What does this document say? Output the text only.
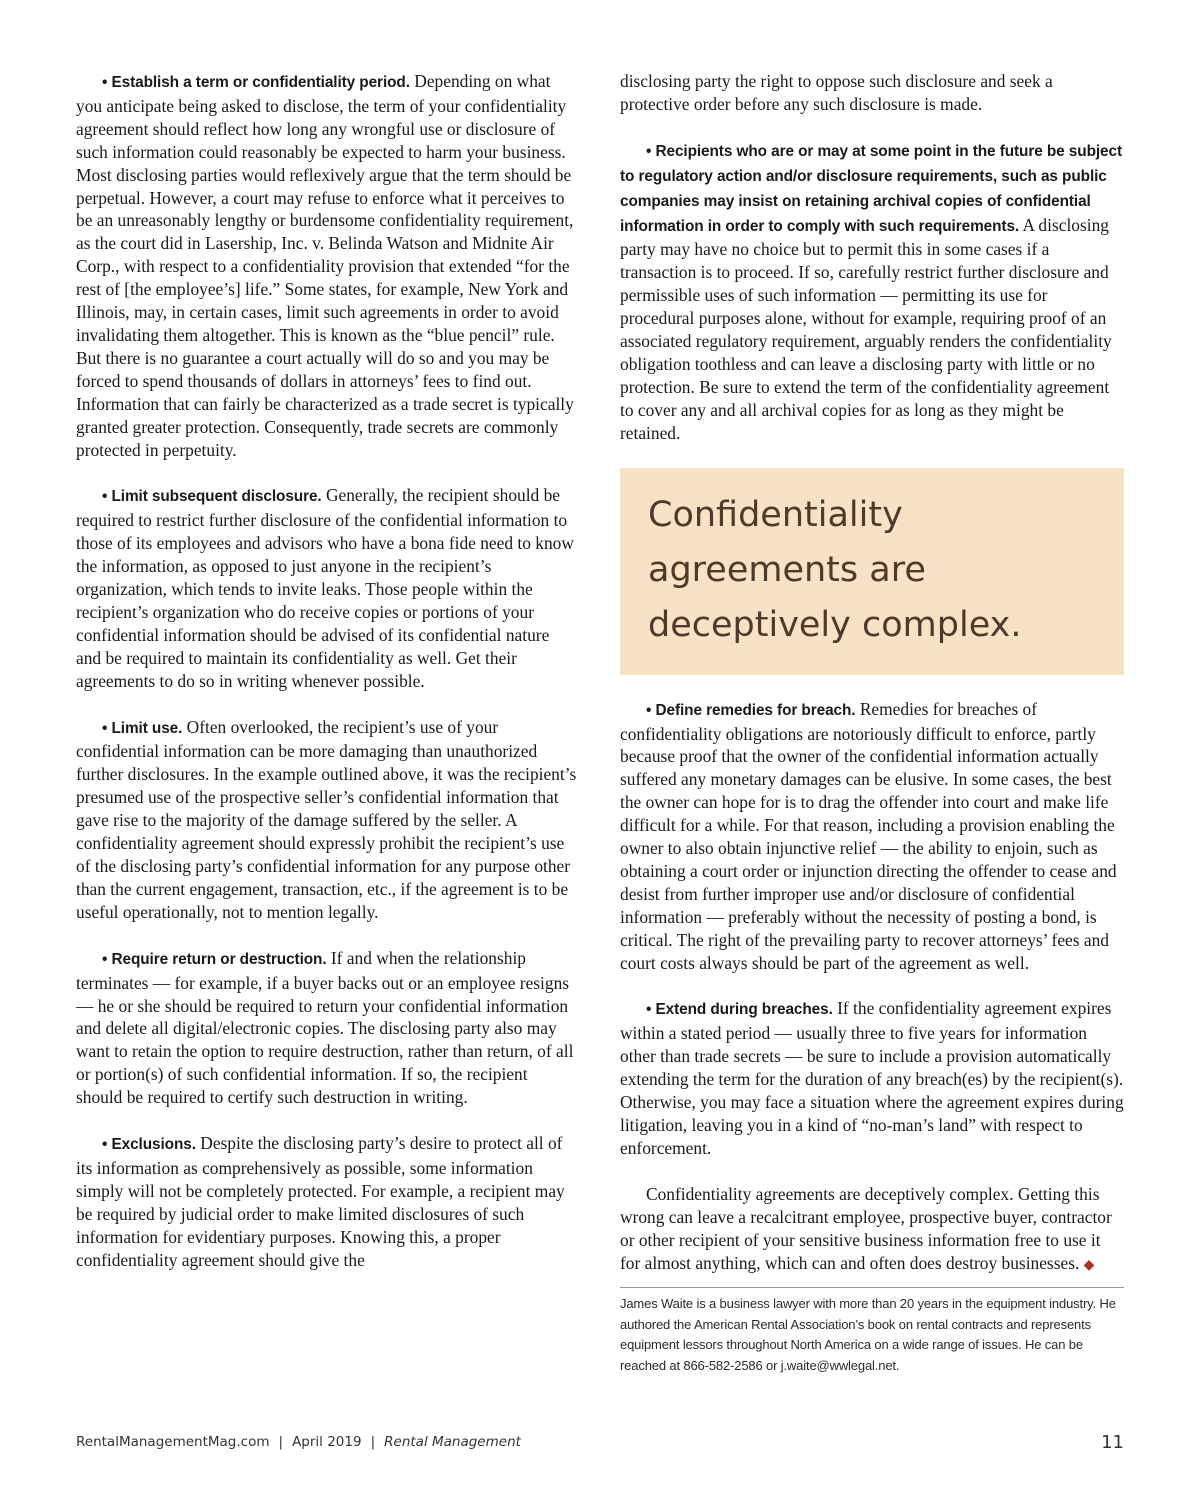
• Establish a term or confidentiality period. Depending on what you anticipate being asked to disclose, the term of your confidentiality agreement should reflect how long any wrongful use or disclosure of such information could reasonably be expected to harm your business. Most disclosing parties would reflexively argue that the term should be perpetual. However, a court may refuse to enforce what it perceives to be an unreasonably lengthy or burdensome confidentiality requirement, as the court did in Lasership, Inc. v. Belinda Watson and Midnite Air Corp., with respect to a confidentiality provision that extended “for the rest of [the employee’s] life.” Some states, for example, New York and Illinois, may, in certain cases, limit such agreements in order to avoid invalidating them altogether. This is known as the “blue pencil” rule. But there is no guarantee a court actually will do so and you may be forced to spend thousands of dollars in attorneys’ fees to find out. Information that can fairly be characterized as a trade secret is typically granted greater protection. Consequently, trade secrets are commonly protected in perpetuity.

• Limit subsequent disclosure. Generally, the recipient should be required to restrict further disclosure of the confidential information to those of its employees and advisors who have a bona fide need to know the information, as opposed to just anyone in the recipient’s organization, which tends to invite leaks. Those people within the recipient’s organization who do receive copies or portions of your confidential information should be advised of its confidential nature and be required to maintain its confidentiality as well. Get their agreements to do so in writing whenever possible.

• Limit use. Often overlooked, the recipient’s use of your confidential information can be more damaging than unauthorized further disclosures. In the example outlined above, it was the recipient’s presumed use of the prospective seller’s confidential information that gave rise to the majority of the damage suffered by the seller. A confidentiality agreement should expressly prohibit the recipient’s use of the disclosing party’s confidential information for any purpose other than the current engagement, transaction, etc., if the agreement is to be useful operationally, not to mention legally.

• Require return or destruction. If and when the relationship terminates — for example, if a buyer backs out or an employee resigns — he or she should be required to return your confidential information and delete all digital/electronic copies. The disclosing party also may want to retain the option to require destruction, rather than return, of all or portion(s) of such confidential information. If so, the recipient should be required to certify such destruction in writing.

• Exclusions. Despite the disclosing party’s desire to protect all of its information as comprehensively as possible, some information simply will not be completely protected. For example, a recipient may be required by judicial order to make limited disclosures of such information for evidentiary purposes. Knowing this, a proper confidentiality agreement should give the

disclosing party the right to oppose such disclosure and seek a protective order before any such disclosure is made.

• Recipients who are or may at some point in the future be subject to regulatory action and/or disclosure requirements, such as public companies may insist on retaining archival copies of confidential information in order to comply with such requirements. A disclosing party may have no choice but to permit this in some cases if a transaction is to proceed. If so, carefully restrict further disclosure and permissible uses of such information — permitting its use for procedural purposes alone, without for example, requiring proof of an associated regulatory requirement, arguably renders the confidentiality obligation toothless and can leave a disclosing party with little or no protection. Be sure to extend the term of the confidentiality agreement to cover any and all archival copies for as long as they might be retained.

Confidentiality agreements are deceptively complex.

• Define remedies for breach. Remedies for breaches of confidentiality obligations are notoriously difficult to enforce, partly because proof that the owner of the confidential information actually suffered any monetary damages can be elusive. In some cases, the best the owner can hope for is to drag the offender into court and make life difficult for a while. For that reason, including a provision enabling the owner to also obtain injunctive relief — the ability to enjoin, such as obtaining a court order or injunction directing the offender to cease and desist from further improper use and/or disclosure of confidential information — preferably without the necessity of posting a bond, is critical. The right of the prevailing party to recover attorneys’ fees and court costs always should be part of the agreement as well.

• Extend during breaches. If the confidentiality agreement expires within a stated period — usually three to five years for information other than trade secrets — be sure to include a provision automatically extending the term for the duration of any breach(es) by the recipient(s). Otherwise, you may face a situation where the agreement expires during litigation, leaving you in a kind of “no-man’s land” with respect to enforcement.

Confidentiality agreements are deceptively complex. Getting this wrong can leave a recalcitrant employee, prospective buyer, contractor or other recipient of your sensitive business information free to use it for almost anything, which can and often does destroy businesses. ◆

James Waite is a business lawyer with more than 20 years in the equipment industry. He authored the American Rental Association’s book on rental contracts and represents equipment lessors throughout North America on a wide range of issues. He can be reached at 866-582-2586 or j.waite@wwlegal.net.
RentalManagementMag.com | April 2019 | Rental Management	11
